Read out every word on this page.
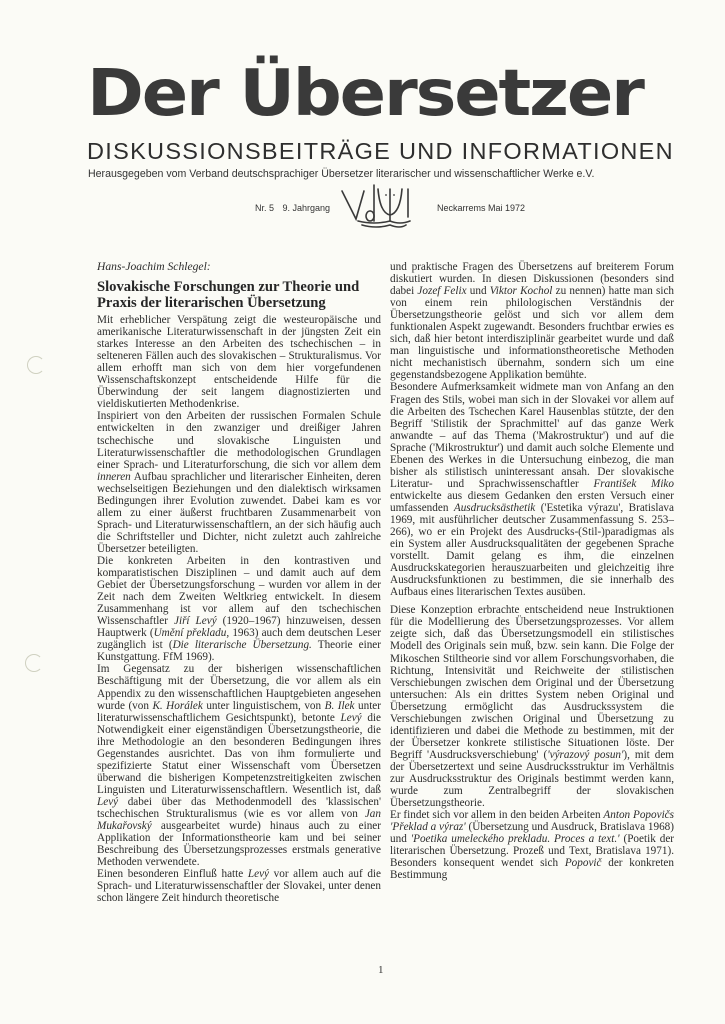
Der Übersetzer
DISKUSSIONSBEITRÄGE UND INFORMATIONEN
Herausgegeben vom Verband deutschsprachiger Übersetzer literarischer und wissenschaftlicher Werke e.V.
Nr. 5 9. Jahrgang	Neckarrems Mai 1972

Hans-Joachim Schlegel:

Slovakische Forschungen zur Theorie und Praxis der literarischen Übersetzung

Mit erheblicher Verspätung zeigt die westeuropäische und amerikanische Literaturwissenschaft in der jüngsten Zeit ein starkes Interesse an den Arbeiten des tschechischen – in selteneren Fällen auch des slovakischen – Strukturalismus. Vor allem erhofft man sich von dem hier vorgefundenen Wissenschaftskonzept entscheidende Hilfe für die Überwindung der seit langem diagnostizierten und vieldiskutierten Methodenkrise.

Inspiriert von den Arbeiten der russischen Formalen Schule entwickelten in den zwanziger und dreißiger Jahren tschechische und slovakische Linguisten und Literaturwissenschaftler die methodologischen Grundlagen einer Sprach- und Literaturforschung, die sich vor allem dem inneren Aufbau sprachlicher und literarischer Einheiten, deren wechselseitigen Beziehungen und den dialektisch wirksamen Bedingungen ihrer Evolution zuwendet. Dabei kam es vor allem zu einer äußerst fruchtbaren Zusammenarbeit von Sprach- und Literaturwissenschaftlern, an der sich häufig auch die Schriftsteller und Dichter, nicht zuletzt auch zahlreiche Übersetzer beteiligten.

Die konkreten Arbeiten in den kontrastiven und komparatistischen Disziplinen – und damit auch auf dem Gebiet der Übersetzungsforschung – wurden vor allem in der Zeit nach dem Zweiten Weltkrieg entwickelt. In diesem Zusammenhang ist vor allem auf den tschechischen Wissenschaftler Jiří Levý (1920–1967) hinzuweisen, dessen Hauptwerk (Umění překladu, 1963) auch dem deutschen Leser zugänglich ist (Die literarische Übersetzung. Theorie einer Kunstgattung. FfM 1969).

Im Gegensatz zu der bisherigen wissenschaftlichen Beschäftigung mit der Übersetzung, die vor allem als ein Appendix zu den wissenschaftlichen Hauptgebieten angesehen wurde (von K. Horálek unter linguistischem, von B. Ilek unter literaturwissenschaftlichem Gesichtspunkt), betonte Levý die Notwendigkeit einer eigenständigen Übersetzungstheorie, die ihre Methodologie an den besonderen Bedingungen ihres Gegenstandes ausrichtet. Das von ihm formulierte und spezifizierte Statut einer Wissenschaft vom Übersetzen überwand die bisherigen Kompetenzstreitigkeiten zwischen Linguisten und Literaturwissenschaftlern. Wesentlich ist, daß Levý dabei über das Methodenmodell des 'klassischen' tschechischen Strukturalismus (wie es vor allem von Jan Mukařovský ausgearbeitet wurde) hinaus auch zu einer Applikation der Informationstheorie kam und bei seiner Beschreibung des Übersetzungsprozesses erstmals generative Methoden verwendete.

Einen besonderen Einfluß hatte Levý vor allem auch auf die Sprach- und Literaturwissenschaftler der Slovakei, unter denen schon längere Zeit hindurch theoretische

und praktische Fragen des Übersetzens auf breiterem Forum diskutiert wurden. In diesen Diskussionen (besonders sind dabei Jozef Felix und Viktor Kochol zu nennen) hatte man sich von einem rein philologischen Verständnis der Übersetzungstheorie gelöst und sich vor allem dem funktionalen Aspekt zugewandt. Besonders fruchtbar erwies es sich, daß hier betont interdisziplinär gearbeitet wurde und daß man linguistische und informationstheoretische Methoden nicht mechanistisch übernahm, sondern sich um eine gegenstandsbezogene Applikation bemühte.

Besondere Aufmerksamkeit widmete man von Anfang an den Fragen des Stils, wobei man sich in der Slovakei vor allem auf die Arbeiten des Tschechen Karel Hausenblas stützte, der den Begriff 'Stilistik der Sprachmittel' auf das ganze Werk anwandte – auf das Thema ('Makrostruktur') und auf die Sprache ('Mikrostruktur') und damit auch solche Elemente und Ebenen des Werkes in die Untersuchung einbezog, die man bisher als stilistisch uninteressant ansah. Der slovakische Literatur- und Sprachwissenschaftler František Miko entwickelte aus diesem Gedanken den ersten Versuch einer umfassenden Ausdrucksästhetik ('Estetika výrazu', Bratislava 1969, mit ausführlicher deutscher Zusammenfassung S. 253–266), wo er ein Projekt des Ausdrucks-(Stil-)paradigmas als ein System aller Ausdrucksqualitäten der gegebenen Sprache vorstellt. Damit gelang es ihm, die einzelnen Ausdruckskategorien herauszuarbeiten und gleichzeitig ihre Ausdrucksfunktionen zu bestimmen, die sie innerhalb des Aufbaus eines literarischen Textes ausüben.

Diese Konzeption erbrachte entscheidend neue Instruktionen für die Modellierung des Übersetzungsprozesses. Vor allem zeigte sich, daß das Übersetzungsmodell ein stilistisches Modell des Originals sein muß, bzw. sein kann. Die Folge der Mikoschen Stiltheorie sind vor allem Forschungsvorhaben, die Richtung, Intensivität und Reichweite der stilistischen Verschiebungen zwischen dem Original und der Übersetzung untersuchen: Als ein drittes System neben Original und Übersetzung ermöglicht das Ausdruckssystem die Verschiebungen zwischen Original und Übersetzung zu identifizieren und dabei die Methode zu bestimmen, mit der der Übersetzer konkrete stilistische Situationen löste. Der Begriff 'Ausdrucksverschiebung' ('výrazový posun'), mit dem der Übersetzertext und seine Ausdrucksstruktur im Verhältnis zur Ausdrucksstruktur des Originals bestimmt werden kann, wurde zum Zentralbegriff der slovakischen Übersetzungstheorie.

Er findet sich vor allem in den beiden Arbeiten Anton Popovičs 'Překlad a výraz' (Übersetzung und Ausdruck, Bratislava 1968) und 'Poetika umeleckého prekladu. Proces a text.' (Poetik der literarischen Übersetzung. Prozeß und Text, Bratislava 1971). Besonders konsequent wendet sich Popovič der konkreten Bestimmung

1
